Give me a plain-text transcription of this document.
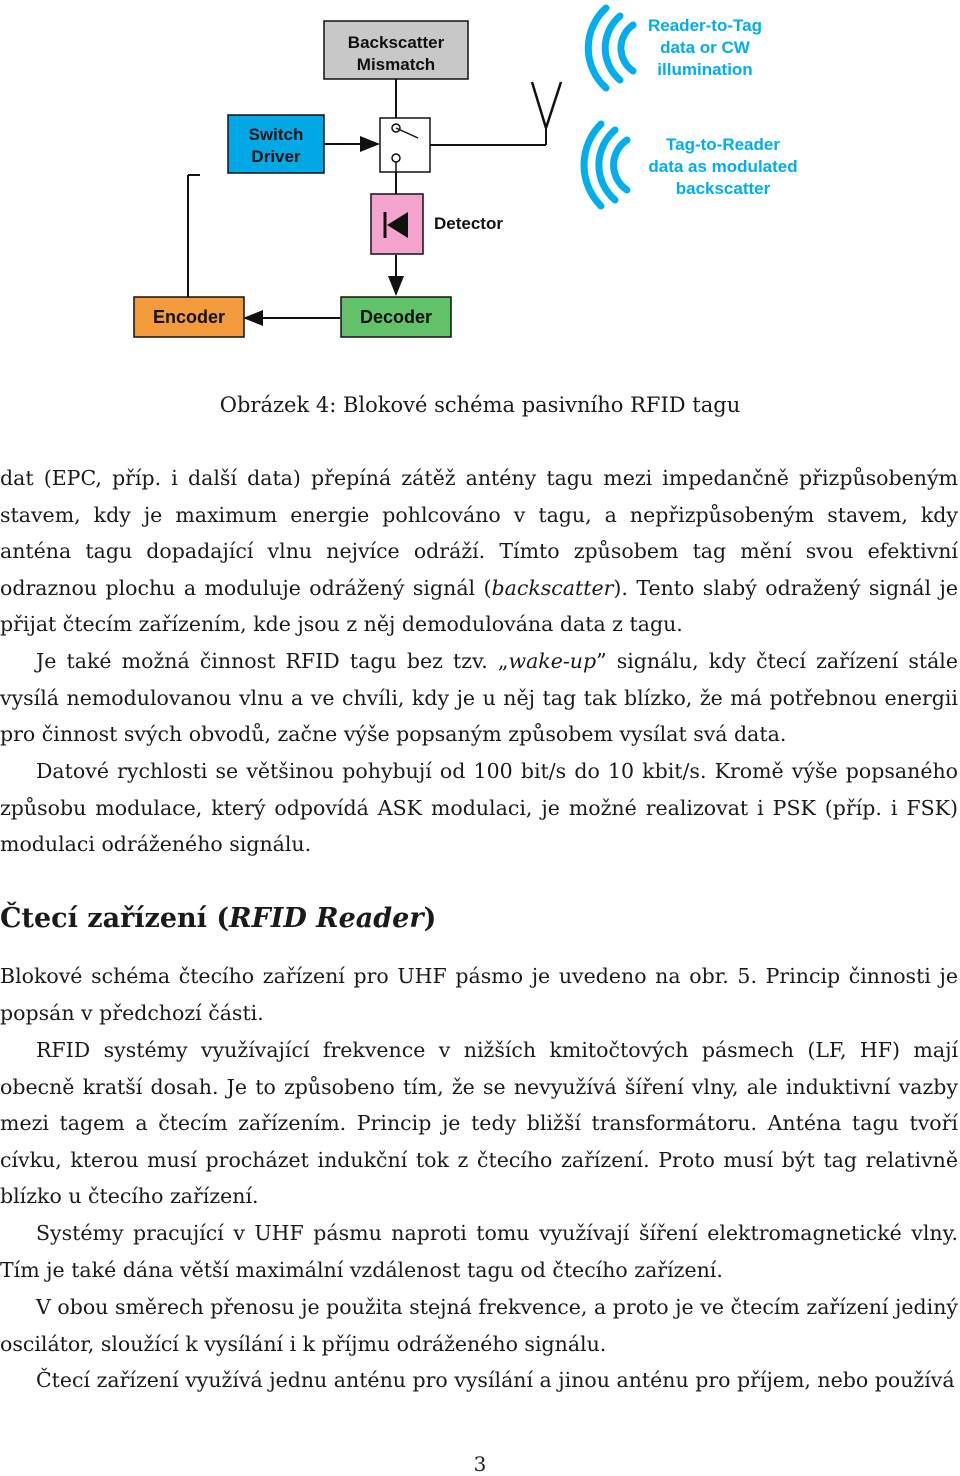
Backscatter
Mismatch
Switch
Driver
Detector
Encoder	Decoder
Reader-to-Tag
data or CW
illumination
Tag-to-Reader
data as modulated
backscatter
Obrázek 4: Blokové schéma pasivního RFID tagu

dat (EPC, příp. i další data) přepíná zátěž antény tagu mezi impedančně přizpůsobeným stavem, kdy je maximum energie pohlcováno v tagu, a nepřizpůsobeným stavem, kdy anténa tagu dopadající vlnu nejvíce odráží. Tímto způsobem tag mění svou efektivní odraznou plochu a moduluje odrážený signál (backscatter). Tento slabý odražený signál je přijat čtecím zařízením, kde jsou z něj demodulována data z tagu.

Je také možná činnost RFID tagu bez tzv. „wake-up” signálu, kdy čtecí zařízení stále vysílá nemodulovanou vlnu a ve chvíli, kdy je u něj tag tak blízko, že má potřebnou energii pro činnost svých obvodů, začne výše popsaným způsobem vysílat svá data.

Datové rychlosti se většinou pohybují od 100 bit/s do 10 kbit/s. Kromě výše popsaného způsobu modulace, který odpovídá ASK modulaci, je možné realizovat i PSK (příp. i FSK) modulaci odráženého signálu.

Čtecí zařízení (RFID Reader)

Blokové schéma čtecího zařízení pro UHF pásmo je uvedeno na obr. 5. Princip činnosti je popsán v předchozí části.

RFID systémy využívající frekvence v nižších kmitočtových pásmech (LF, HF) mají obecně kratší dosah. Je to způsobeno tím, že se nevyužívá šíření vlny, ale induktivní vazby mezi tagem a čtecím zařízením. Princip je tedy bližší transformátoru. Anténa tagu tvoří cívku, kterou musí procházet indukční tok z čtecího zařízení. Proto musí být tag relativně blízko u čtecího zařízení.

Systémy pracující v UHF pásmu naproti tomu využívají šíření elektromagnetické vlny. Tím je také dána větší maximální vzdálenost tagu od čtecího zařízení.

V obou směrech přenosu je použita stejná frekvence, a proto je ve čtecím zařízení jediný oscilátor, sloužící k vysílání i k příjmu odráženého signálu.

Čtecí zařízení využívá jednu anténu pro vysílání a jinou anténu pro příjem, nebo používá

3
